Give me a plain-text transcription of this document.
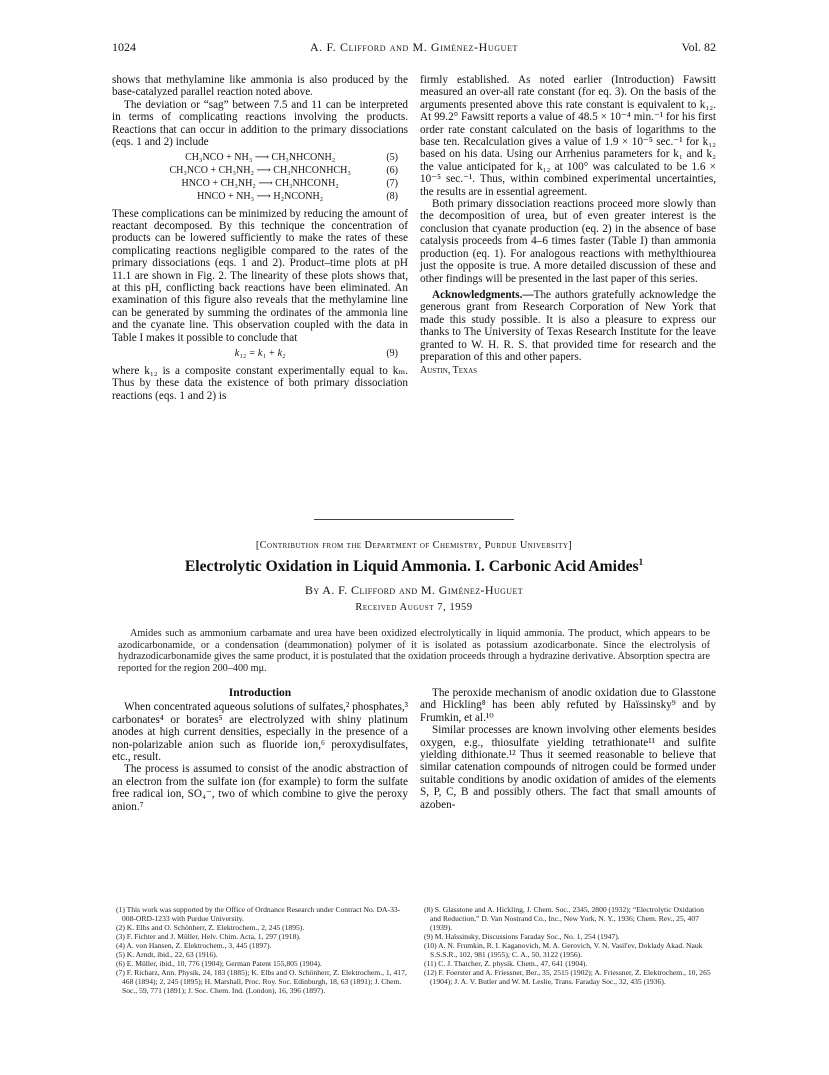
1024	A. F. Clifford and M. Giménez-Huguet	Vol. 82

shows that methylamine like ammonia is also produced by the base-catalyzed parallel reaction noted above.

The deviation or “sag” between 7.5 and 11 can be interpreted in terms of complicating reactions involving the products. Reactions that can occur in addition to the primary dissociations (eqs. 1 and 2) include

CH₃NCO + NH₃ ⟶ CH₃NHCONH₂	(5)
CH₃NCO + CH₃NH₂ ⟶ CH₃NHCONHCH₃	(6)
HNCO + CH₃NH₂ ⟶ CH₃NHCONH₂	(7)
HNCO + NH₃ ⟶ H₂NCONH₂	(8)

These complications can be minimized by reducing the amount of reactant decomposed. By this technique the concentration of products can be lowered sufficiently to make the rates of these complicating reactions negligible compared to the rates of the primary dissociations (eqs. 1 and 2). Product–time plots at pH 11.1 are shown in Fig. 2. The linearity of these plots shows that, at this pH, conflicting back reactions have been eliminated. An examination of this figure also reveals that the methylamine line can be generated by summing the ordinates of the ammonia line and the cyanate line. This observation coupled with the data in Table I makes it possible to conclude that

k₁₂ = k₁ + k₂	(9)

where k₁₂ is a composite constant experimentally equal to kₘ. Thus by these data the existence of both primary dissociation reactions (eqs. 1 and 2) is

firmly established. As noted earlier (Introduction) Fawsitt measured an over-all rate constant (for eq. 3). On the basis of the arguments presented above this rate constant is equivalent to k₁₂. At 99.2° Fawsitt reports a value of 48.5 × 10⁻⁴ min.⁻¹ for his first order rate constant calculated on the basis of logarithms to the base ten. Recalculation gives a value of 1.9 × 10⁻⁵ sec.⁻¹ for k₁₂ based on his data. Using our Arrhenius parameters for k₁ and k₂ the value anticipated for k₁₂ at 100° was calculated to be 1.6 × 10⁻⁵ sec.⁻¹. Thus, within combined experimental uncertainties, the results are in essential agreement.

Both primary dissociation reactions proceed more slowly than the decomposition of urea, but of even greater interest is the conclusion that cyanate production (eq. 2) in the absence of base catalysis proceeds from 4–6 times faster (Table I) than ammonia production (eq. 1). For analogous reactions with methylthiourea just the opposite is true. A more detailed discussion of these and other findings will be presented in the last paper of this series.

Acknowledgments.—The authors gratefully acknowledge the generous grant from Research Corporation of New York that made this study possible. It is also a pleasure to express our thanks to The University of Texas Research Institute for the leave granted to W. H. R. S. that provided time for research and the preparation of this and other papers.

Austin, Texas

[Contribution from the Department of Chemistry, Purdue University]
Electrolytic Oxidation in Liquid Ammonia. I. Carbonic Acid Amides$^1$
By A. F. Clifford and M. Giménez-Huguet
Received August 7, 1959
Amides such as ammonium carbamate and urea have been oxidized electrolytically in liquid ammonia. The product, which appears to be azodicarbonamide, or a condensation (deammonation) polymer of it is isolated as potassium azodicarbonate. Since the electrolysis of hydrazodicarbonamide gives the same product, it is postulated that the oxidation proceeds through a hydrazine derivative. Absorption spectra are reported for the region 200–400 mμ.
Introduction

When concentrated aqueous solutions of sulfates,² phosphates,³ carbonates⁴ or borates⁵ are electrolyzed with shiny platinum anodes at high current densities, especially in the presence of a non-polarizable anion such as fluoride ion,⁶ peroxydisulfates, etc., result.

The process is assumed to consist of the anodic abstraction of an electron from the sulfate ion (for example) to form the sulfate free radical ion, SO₄⁻, two of which combine to give the peroxy anion.⁷

The peroxide mechanism of anodic oxidation due to Glasstone and Hickling⁸ has been ably refuted by Haïssinsky⁹ and by Frumkin, et al.¹⁰

Similar processes are known involving other elements besides oxygen, e.g., thiosulfate yielding tetrathionate¹¹ and sulfite yielding dithionate.¹² Thus it seemed reasonable to believe that similar catenation compounds of nitrogen could be formed under suitable conditions by anodic oxidation of amides of the elements S, P, C, B and possibly others. The fact that small amounts of azoben-

(1) This work was supported by the Office of Ordnance Research under Contract No. DA-33-008-ORD-1233 with Purdue University.

(2) K. Elbs and O. Schönherr, Z. Elektrochem., 2, 245 (1895).

(3) F. Fichter and J. Müller, Helv. Chim. Acta, 1, 297 (1918).

(4) A. von Hansen, Z. Elektrochem., 3, 445 (1897).

(5) K. Arndt, ibid., 22, 63 (1916).

(6) E. Müller, ibid., 10, 776 (1904); German Patent 155,805 (1904).

(7) F. Richarz, Ann. Physik, 24, 183 (1885); K. Elbs and O. Schönherr, Z. Elektrochem., 1, 417, 468 (1894); 2, 245 (1895); H. Marshall, Proc. Roy. Soc. Edinburgh, 18, 63 (1891); J. Chem. Soc., 59, 771 (1891); J. Soc. Chem. Ind. (London), 16, 396 (1897).

(8) S. Glasstone and A. Hickling, J. Chem. Soc., 2345, 2800 (1932); “Electrolytic Oxidation and Reduction,” D. Van Nostrand Co., Inc., New York, N. Y., 1936; Chem. Rev., 25, 407 (1939).

(9) M. Haïssinsky, Discussions Faraday Soc., No. 1, 254 (1947).

(10) A. N. Frumkin, R. I. Kaganovich, M. A. Gerovich, V. N. Vasil'ev, Doklady Akad. Nauk S.S.S.R., 102, 981 (1955); C. A., 50, 3122 (1956).

(11) C. J. Thatcher, Z. physik. Chem., 47, 641 (1904).

(12) F. Foerster and A. Friessner, Ber., 35, 2515 (1902); A. Friessner, Z. Elektrochem., 10, 265 (1904); J. A. V. Butler and W. M. Leslie, Trans. Faraday Soc., 32, 435 (1936).
